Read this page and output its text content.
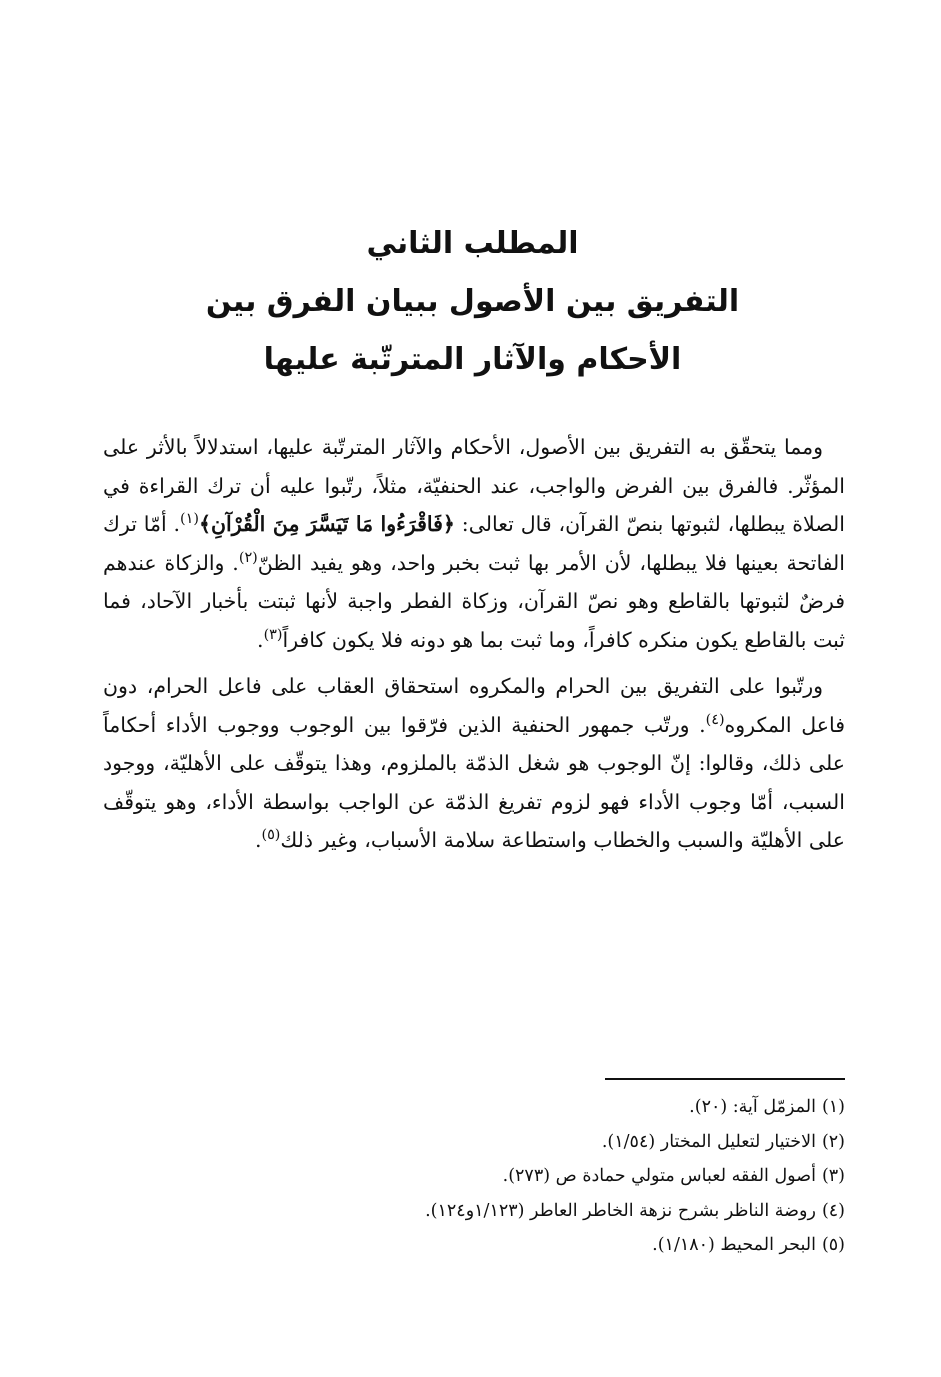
المطلب الثاني
التفريق بين الأصول ببيان الفرق بين
الأحكام والآثار المترتّبة عليها

ومما يتحقّق به التفريق بين الأصول، الأحكام والآثار المترتّبة عليها، استدلالاً بالأثر على المؤثّر. فالفرق بين الفرض والواجب، عند الحنفيّة، مثلاً، رتّبوا عليه أن ترك القراءة في الصلاة يبطلها، لثبوتها بنصّ القرآن، قال تعالى: ﴿فَاقْرَءُوا مَا تَيَسَّرَ مِنَ الْقُرْآنِ﴾$^{(١)}$. أمّا ترك الفاتحة بعينها فلا يبطلها، لأن الأمر بها ثبت بخبر واحد، وهو يفيد الظنّ$^{(٢)}$. والزكاة عندهم فرضٌ لثبوتها بالقاطع وهو نصّ القرآن، وزكاة الفطر واجبة لأنها ثبتت بأخبار الآحاد، فما ثبت بالقاطع يكون منكره كافراً، وما ثبت بما هو دونه فلا يكون كافراً$^{(٣)}$.

ورتّبوا على التفريق بين الحرام والمكروه استحقاق العقاب على فاعل الحرام، دون فاعل المكروه$^{(٤)}$. ورتّب جمهور الحنفية الذين فرّقوا بين الوجوب ووجوب الأداء أحكاماً على ذلك، وقالوا: إنّ الوجوب هو شغل الذمّة بالملزوم، وهذا يتوقّف على الأهليّة، ووجود السبب، أمّا وجوب الأداء فهو لزوم تفريغ الذمّة عن الواجب بواسطة الأداء، وهو يتوقّف على الأهليّة والسبب والخطاب واستطاعة سلامة الأسباب، وغير ذلك$^{(٥)}$.

(١)المزمّل آية: (٢٠).
(٢)الاختيار لتعليل المختار (١/٥٤).
(٣)أصول الفقه لعباس متولي حمادة ص (٢٧٣).
(٤)روضة الناظر بشرح نزهة الخاطر العاطر (١/١٢٣و١٢٤).
(٥)البحر المحيط (١/١٨٠).
